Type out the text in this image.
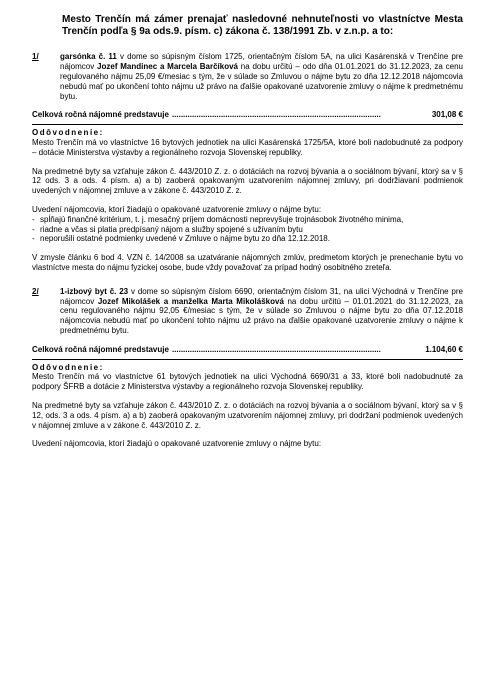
Mesto Trenčín má zámer prenajať nasledovné nehnuteľnosti vo vlastníctve Mesta Trenčín podľa § 9a ods.9. písm. c) zákona č. 138/1991 Zb. v z.n.p. a to:
1/	garsónka č. 11 v dome so súpisným číslom 1725, orientačným číslom 5A, na ulici Kasárenská v Trenčíne pre nájomcov Jozef Mandinec a Marcela Barčíková na dobu určitú – odo dňa 01.01.2021 do 31.12.2023, za cenu regulovaného nájmu 25,09 €/mesiac s tým, že v súlade so Zmluvou o nájme bytu zo dňa 12.12.2018 nájomcovia nebudú mať po ukončení tohto nájmu už právo na ďalšie opakované uzatvorenie zmluvy o nájme k predmetnému bytu.
Celková ročná nájomné predstavuje ..............................................................................................	301,08 €
Odôvodnenie:

Mesto Trenčín má vo vlastníctve 16 bytových jednotiek na ulici Kasárenská 1725/5A, ktoré boli nadobudnuté za podpory – dotácie Ministerstva výstavby a regionálneho rozvoja Slovenskej republiky.

Na predmetné byty sa vzťahuje zákon č. 443/2010 Z. z. o dotáciách na rozvoj bývania a o sociálnom bývaní, ktorý sa v § 12 ods. 3 a ods. 4 písm. a) a b) zaoberá opakovaným uzatvorením nájomnej zmluvy, pri dodržiavaní podmienok uvedených v nájomnej zmluve a v zákone č. 443/2010 Z. z.

Uvedení nájomcovia, ktorí žiadajú o opakované uzatvorenie zmluvy o nájme bytu:

- spĺňajú finančné kritérium, t. j. mesačný príjem domácnosti neprevyšuje trojnásobok životného minima,
- riadne a včas si platia predpísaný nájom a služby spojené s užívaním bytu
- neporušili ostatné podmienky uvedené v Zmluve o nájme bytu zo dňa 12.12.2018.

V zmysle článku 6 bod 4. VZN č. 14/2008 sa uzatváranie nájomných zmlúv, predmetom ktorých je prenechanie bytu vo vlastníctve mesta do nájmu fyzickej osobe, bude vždy považovať za prípad hodný osobitného zreteľa.

2/	1-izbový byt č. 23 v dome so súpisným číslom 6690, orientačným číslom 31, na ulici Východná v Trenčíne pre nájomcov Jozef Mikolášek a manželka Marta Mikolášková na dobu určitú – 01.01.2021 do 31.12.2023, za cenu regulovaného nájmu 92,05 €/mesiac s tým, že v súlade so Zmluvou o nájme bytu zo dňa 07.12.2018 nájomcovia nebudú mať po ukončení tohto nájmu už právo na ďalšie opakované uzatvorenie zmluvy o nájme k predmetnému bytu.
Celková ročná nájomné predstavuje ..............................................................................................	1.104,60 €
Odôvodnenie:

Mesto Trenčín má vo vlastníctve 61 bytových jednotiek na ulici Východná 6690/31 a 33, ktoré boli nadobudnuté za podpory ŠFRB a dotácie z Ministerstva výstavby a regionálneho rozvoja Slovenskej republiky.

Na predmetné byty sa vzťahuje zákon č. 443/2010 Z. z. o dotáciách na rozvoj bývania a o sociálnom bývaní, ktorý sa v § 12, ods. 3 a ods. 4 písm. a) a b) zaoberá opakovaným uzatvorením nájomnej zmluvy, pri dodržaní podmienok uvedených v nájomnej zmluve a v zákone č. 443/2010 Z. z.

Uvedení nájomcovia, ktorí žiadajú o opakované uzatvorenie zmluvy o nájme bytu:
